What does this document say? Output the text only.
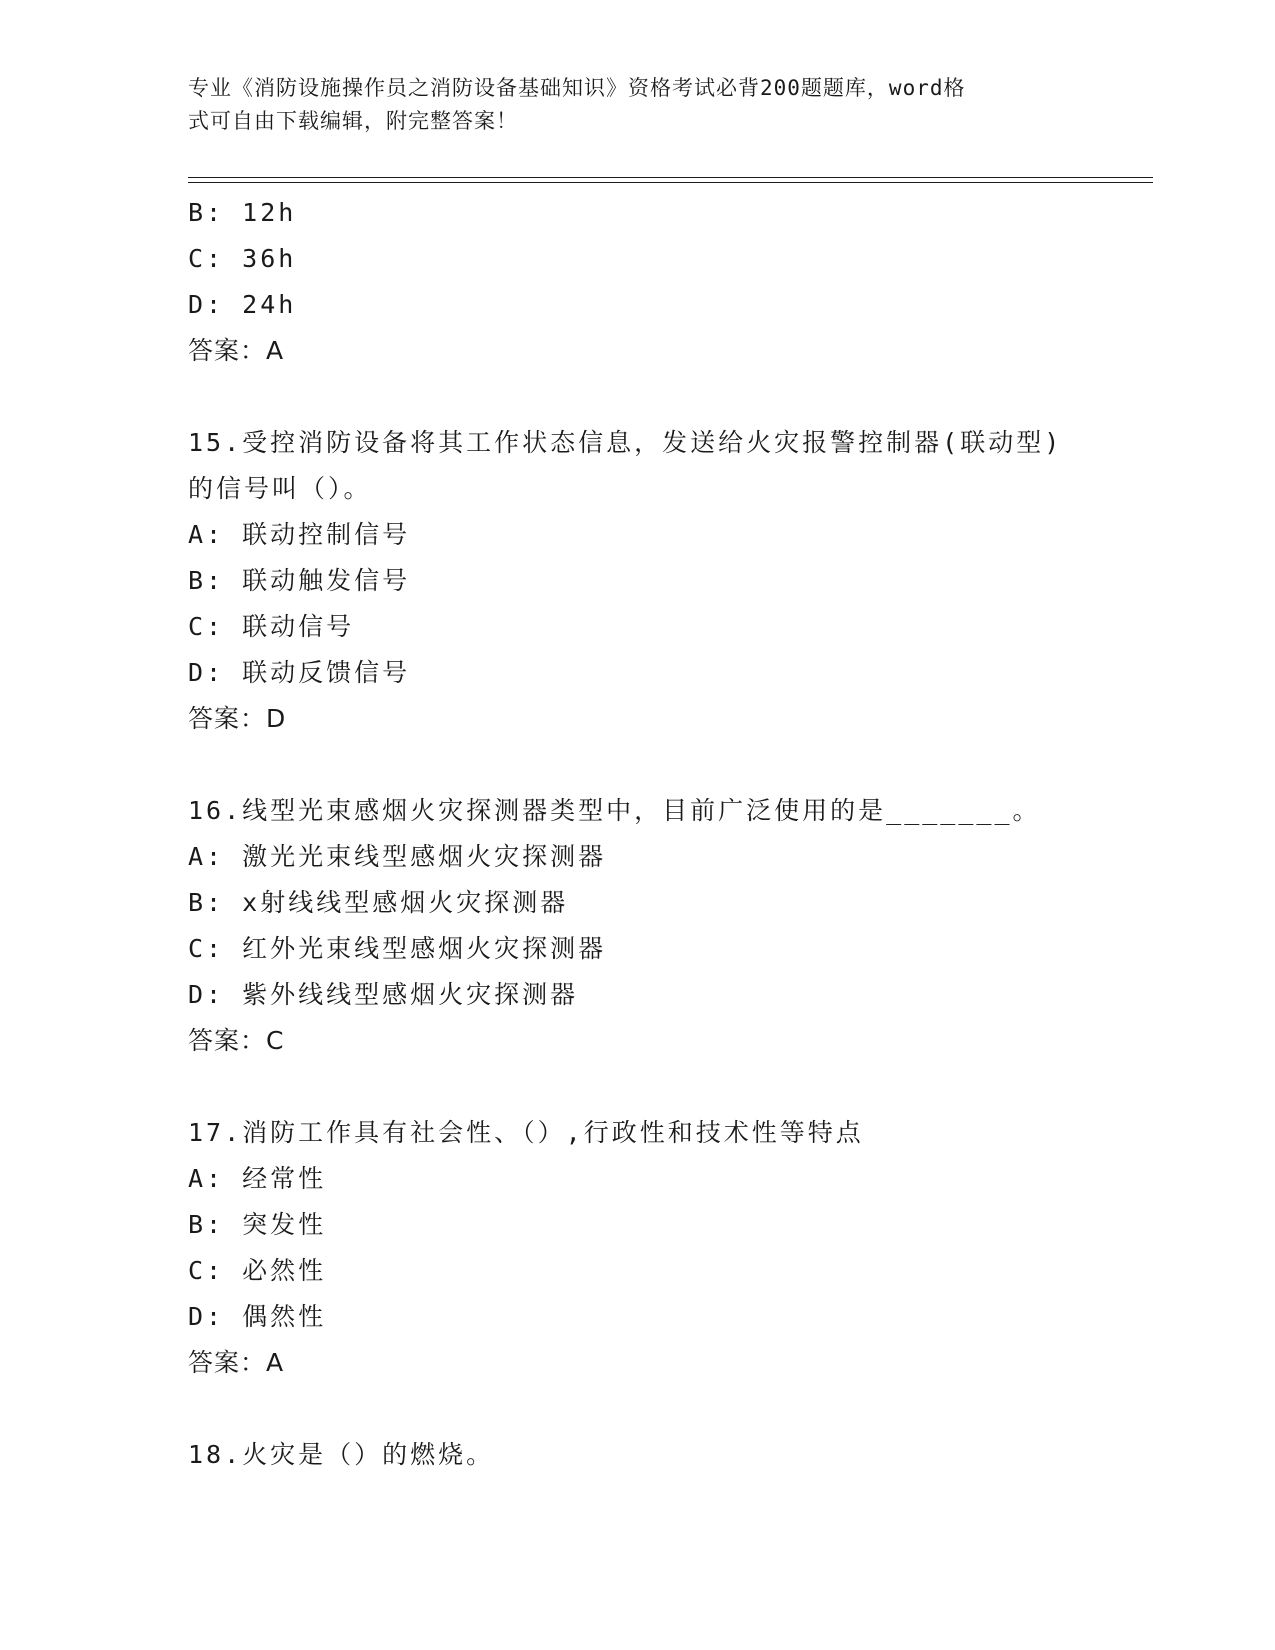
专业《消防设施操作员之消防设备基础知识》资格考试必背200题题库，word格
式可自由下载编辑，附完整答案！
B: 12h
C: 36h
D: 24h
答案：A
15.受控消防设备将其工作状态信息，发送给火灾报警控制器(联动型)
的信号叫（）。
A: 联动控制信号
B: 联动触发信号
C: 联动信号
D: 联动反馈信号
答案：D
16.线型光束感烟火灾探测器类型中，目前广泛使用的是_______。
A: 激光光束线型感烟火灾探测器
B: x射线线型感烟火灾探测器
C: 红外光束线型感烟火灾探测器
D: 紫外线线型感烟火灾探测器
答案：C
17.消防工作具有社会性、（）,行政性和技术性等特点
A: 经常性
B: 突发性
C: 必然性
D: 偶然性
答案：A
18.火灾是（）的燃烧。
